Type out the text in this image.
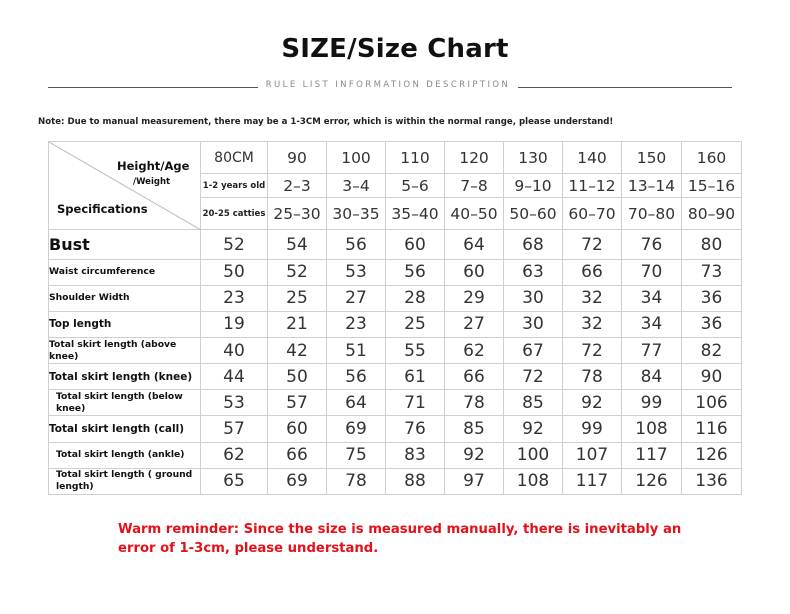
SIZE/Size Chart
RULE LIST INFORMATION DESCRIPTION
Note: Due to manual measurement, there may be a 1-3CM error, which is within the normal range, please understand!
Height/Age
/Weight
Specifications	80CM	90	100	110	120	130	140	150	160
	1-2 years old	2–3	3–4	5–6	7–8	9–10	11–12	13–14	15–16
	20-25 catties	25–30	30–35	35–40	40–50	50–60	60–70	70–80	80–90
Bust	52	54	56	60	64	68	72	76	80
Waist circumference	50	52	53	56	60	63	66	70	73
Shoulder Width	23	25	27	28	29	30	32	34	36
Top length	19	21	23	25	27	30	32	34	36
Total skirt length (above knee)	40	42	51	55	62	67	72	77	82
Total skirt length (knee)	44	50	56	61	66	72	78	84	90
Total skirt length (below knee)	53	57	64	71	78	85	92	99	106
Total skirt length (call)	57	60	69	76	85	92	99	108	116
Total skirt length (ankle)	62	66	75	83	92	100	107	117	126
Total skirt length ( ground length)	65	69	78	88	97	108	117	126	136
Warm reminder: Since the size is measured manually, there is inevitably an error of 1-3cm, please understand.
